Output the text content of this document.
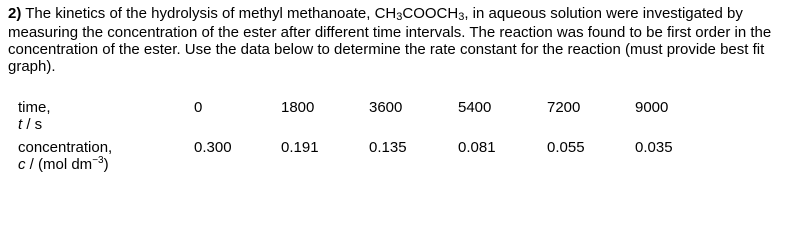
2) The kinetics of the hydrolysis of methyl methanoate, CH3COOCH3, in aqueous solution were investigated by measuring the concentration of the ester after different time intervals. The reaction was found to be first order in the concentration of the ester. Use the data below to determine the rate constant for the reaction (must provide best fit graph).
time,
t / s
0	1800	3600	5400	7200	9000
concentration,
c / (mol $dm^{-3}$)
0.300	0.191	0.135	0.081	0.055	0.035
